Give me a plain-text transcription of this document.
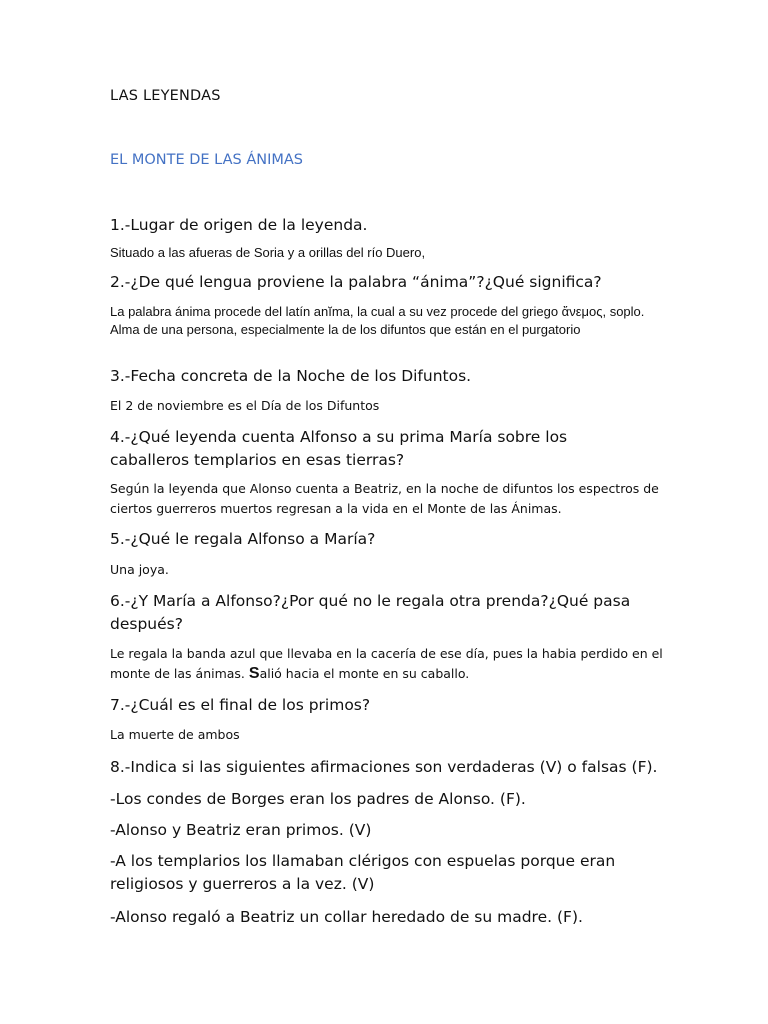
LAS LEYENDAS

EL MONTE DE LAS ÁNIMAS

1.-Lugar de origen de la leyenda.

Situado a las afueras de Soria y a orillas del río Duero,

2.-¿De qué lengua proviene la palabra “ánima”?¿Qué significa?

La palabra ánima procede del latín anĭma, la cual a su vez procede del griego ἄνεμος, soplo. Alma de una persona, especialmente la de los difuntos que están en el purgatorio

3.-Fecha concreta de la Noche de los Difuntos.

El 2 de noviembre es el Día de los Difuntos

4.-¿Qué leyenda cuenta Alfonso a su prima María sobre los caballeros templarios en esas tierras?

Según la leyenda que Alonso cuenta a Beatriz, en la noche de difuntos los espectros de ciertos guerreros muertos regresan a la vida en el Monte de las Ánimas.

5.-¿Qué le regala Alfonso a María?

Una joya.

6.-¿Y María a Alfonso?¿Por qué no le regala otra prenda?¿Qué pasa después?

Le regala la banda azul que llevaba en la cacería de ese día, pues la habia perdido en el monte de las ánimas. Salió hacia el monte en su caballo.

7.-¿Cuál es el final de los primos?

La muerte de ambos

8.-Indica si las siguientes afirmaciones son verdaderas (V) o falsas (F).

-Los condes de Borges eran los padres de Alonso. (F).

-Alonso y Beatriz eran primos. (V)

-A los templarios los llamaban clérigos con espuelas porque eran religiosos y guerreros a la vez. (V)

-Alonso regaló a Beatriz un collar heredado de su madre. (F).
